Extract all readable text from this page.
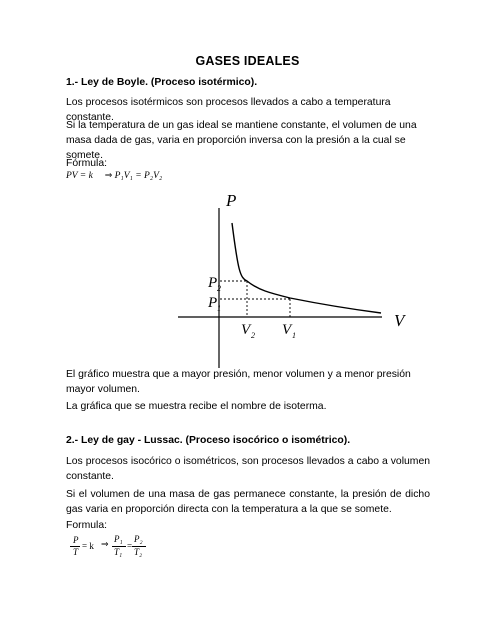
GASES IDEALES
1.- Ley de Boyle. (Proceso isotérmico).
Los procesos isotérmicos son procesos llevados a cabo a temperatura constante.
Si la temperatura de un gas ideal se mantiene constante, el volumen de una masa dada de gas, varia en proporción inversa con la presión a la cual se somete.
Fórmula:
PV = k ⇒ P₁V₁ = P₂V₂
P
V
P 2
P 1
V 2 V 1
El gráfico muestra que a mayor presión, menor volumen y a menor presión mayor volumen.
La gráfica que se muestra recibe el nombre de isoterma.
2.- Ley de gay - Lussac. (Proceso isocórico o isométrico).
Los procesos isocórico o isométricos, son procesos llevados a cabo a volumen constante.
Si el volumen de una masa de gas permanece constante, la presión de dicho gas varia en proporción directa con la temperatura a la que se somete.
Formula:
P
T
= k ⇒
P₁
T₁
=
P₂
T₂
